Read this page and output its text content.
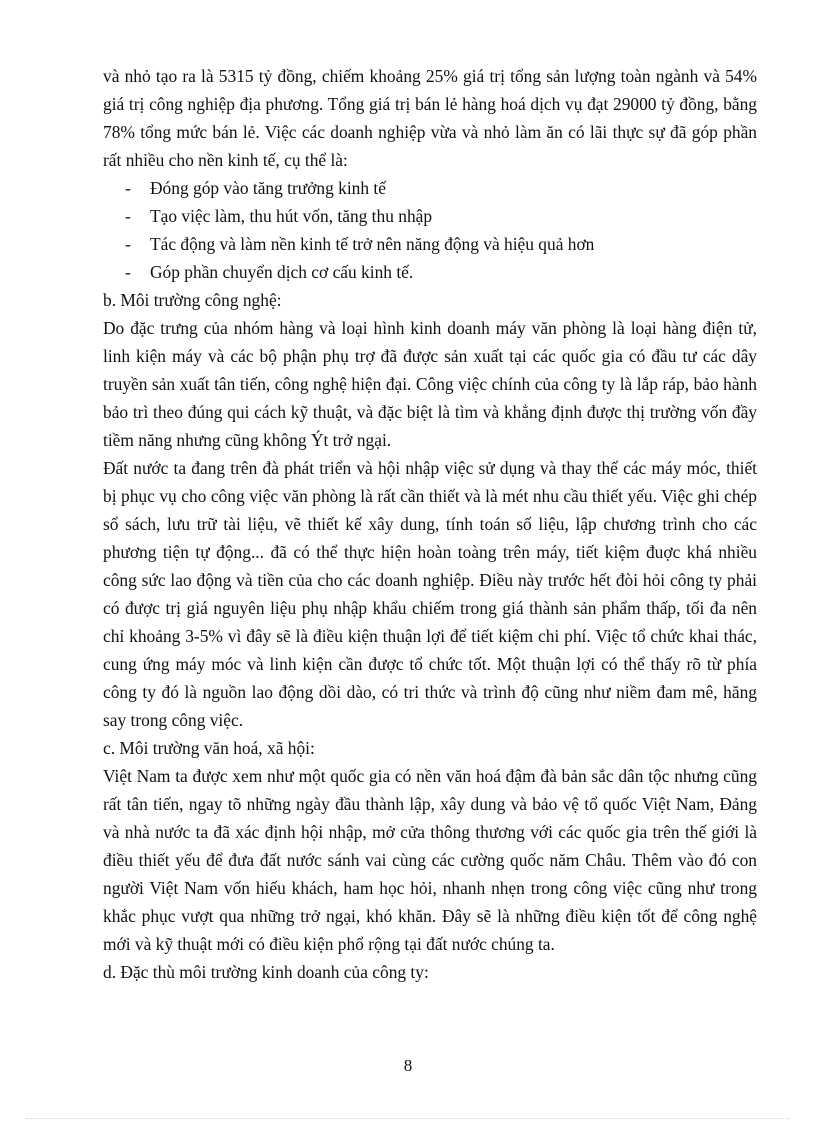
và nhỏ tạo ra là 5315 tỷ đồng, chiếm khoảng 25% giá trị tổng sản lượng toàn ngành và 54% giá trị công nghiệp địa phương. Tổng giá trị bán lẻ hàng hoá dịch vụ đạt 29000 tỷ đồng, bằng 78% tổng mức bán lẻ. Việc các doanh nghiệp vừa và nhỏ làm ăn có lãi thực sự đã góp phần rất nhiều cho nền kinh tế, cụ thể là:

- Đóng góp vào tăng trưởng kinh tế
- Tạo việc làm, thu hút vốn, tăng thu nhập
- Tác động và làm nền kinh tế trở nên năng động và hiệu quả hơn
- Góp phần chuyển dịch cơ cấu kinh tế.

b. Môi trường công nghệ:

Do đặc trưng của nhóm hàng và loại hình kinh doanh máy văn phòng là loại hàng điện tử, linh kiện máy và các bộ phận phụ trợ đã được sản xuất tại các quốc gia có đầu tư các dây truyền sản xuất tân tiến, công nghệ hiện đại. Công việc chính của công ty là lắp ráp, bảo hành bảo trì theo đúng qui cách kỹ thuật, và đặc biệt là tìm và khẳng định được thị trường vốn đầy tiềm năng nhưng cũng không Ýt trở ngại.

Đất nước ta đang trên đà phát triển và hội nhập việc sử dụng và thay thế các máy móc, thiết bị phục vụ cho công việc văn phòng là rất cần thiết và là mét nhu cầu thiết yếu. Việc ghi chép sổ sách, lưu trữ tài liệu, vẽ thiết kế xây dung, tính toán số liệu, lập chương trình cho các phương tiện tự động... đã có thể thực hiện hoàn toàng trên máy, tiết kiệm đuợc khá nhiều công sức lao động và tiền của cho các doanh nghiệp. Điều này trước hết đòi hỏi công ty phải có được trị giá nguyên liệu phụ nhập khẩu chiếm trong giá thành sản phẩm thấp, tối đa nên chỉ khoảng 3-5% vì đây sẽ là điều kiện thuận lợi để tiết kiệm chi phí. Việc tổ chức khai thác, cung ứng máy móc và linh kiện cần được tổ chức tốt. Một thuận lợi có thể thấy rõ từ phía công ty đó là nguồn lao động dồi dào, có tri thức và trình độ cũng như niềm đam mê, hăng say trong công việc.

c. Môi trường văn hoá, xã hội:

Việt Nam ta được xem như một quốc gia có nền văn hoá đậm đà bản sắc dân tộc nhưng cũng rất tân tiến, ngay tõ những ngày đầu thành lập, xây dung và bảo vệ tổ quốc Việt Nam, Đảng và nhà nước ta đã xác định hội nhập, mở cửa thông thương với các quốc gia trên thế giới là điều thiết yếu để đưa đất nước sánh vai cùng các cường quốc năm Châu. Thêm vào đó con người Việt Nam vốn hiếu khách, ham học hỏi, nhanh nhẹn trong công việc cũng như trong khắc phục vượt qua những trở ngại, khó khăn. Đây sẽ là những điều kiện tốt để công nghệ mới và kỹ thuật mới có điều kiện phổ rộng tại đất nước chúng ta.

d. Đặc thù môi trường kinh doanh của công ty:

8
